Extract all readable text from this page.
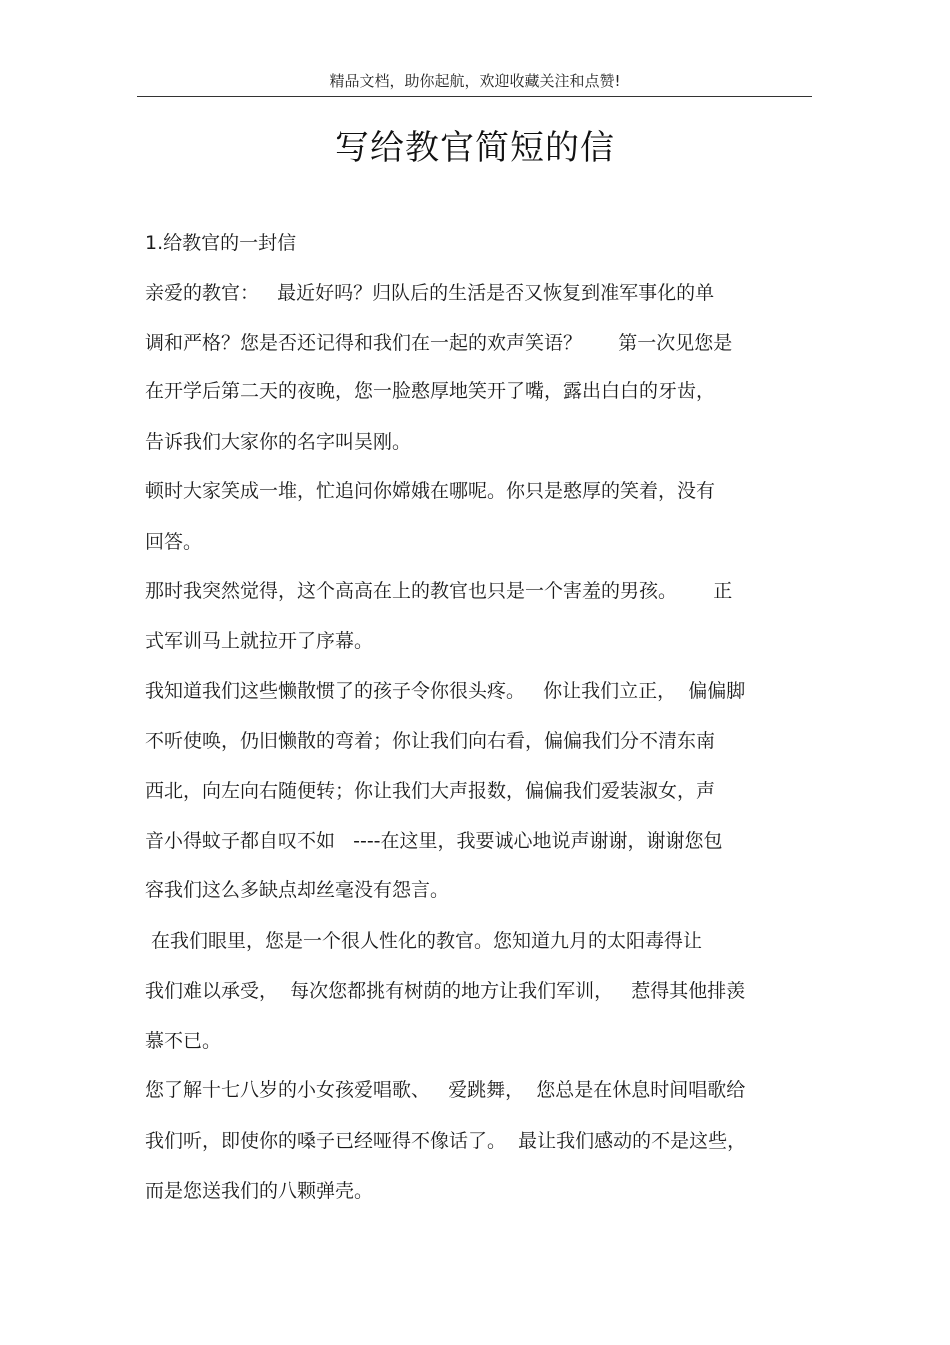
精品文档，助你起航，欢迎收藏关注和点赞!
写给教官简短的信
1.给教官的一封信
亲爱的教官：   最近好吗？归队后的生活是否又恢复到准军事化的单
调和严格？您是否还记得和我们在一起的欢声笑语？      第一次见您是
在开学后第二天的夜晚，您一脸憨厚地笑开了嘴，露出白白的牙齿，
告诉我们大家你的名字叫吴刚。
顿时大家笑成一堆，忙追问你嫦娥在哪呢。你只是憨厚的笑着，没有
回答。
那时我突然觉得，这个高高在上的教官也只是一个害羞的男孩。      正
式军训马上就拉开了序幕。
我知道我们这些懒散惯了的孩子令你很头疼。   你让我们立正，  偏偏脚
不听使唤，仍旧懒散的弯着；你让我们向右看，偏偏我们分不清东南
西北，向左向右随便转；你让我们大声报数，偏偏我们爱装淑女，声
音小得蚊子都自叹不如   ----在这里，我要诚心地说声谢谢，谢谢您包
容我们这么多缺点却丝毫没有怨言。
在我们眼里，您是一个很人性化的教官。您知道九月的太阳毒得让
我们难以承受，  每次您都挑有树荫的地方让我们军训，   惹得其他排羡
慕不已。
您了解十七八岁的小女孩爱唱歌、   爱跳舞，  您总是在休息时间唱歌给
我们听，即使你的嗓子已经哑得不像话了。  最让我们感动的不是这些，
而是您送我们的八颗弹壳。
